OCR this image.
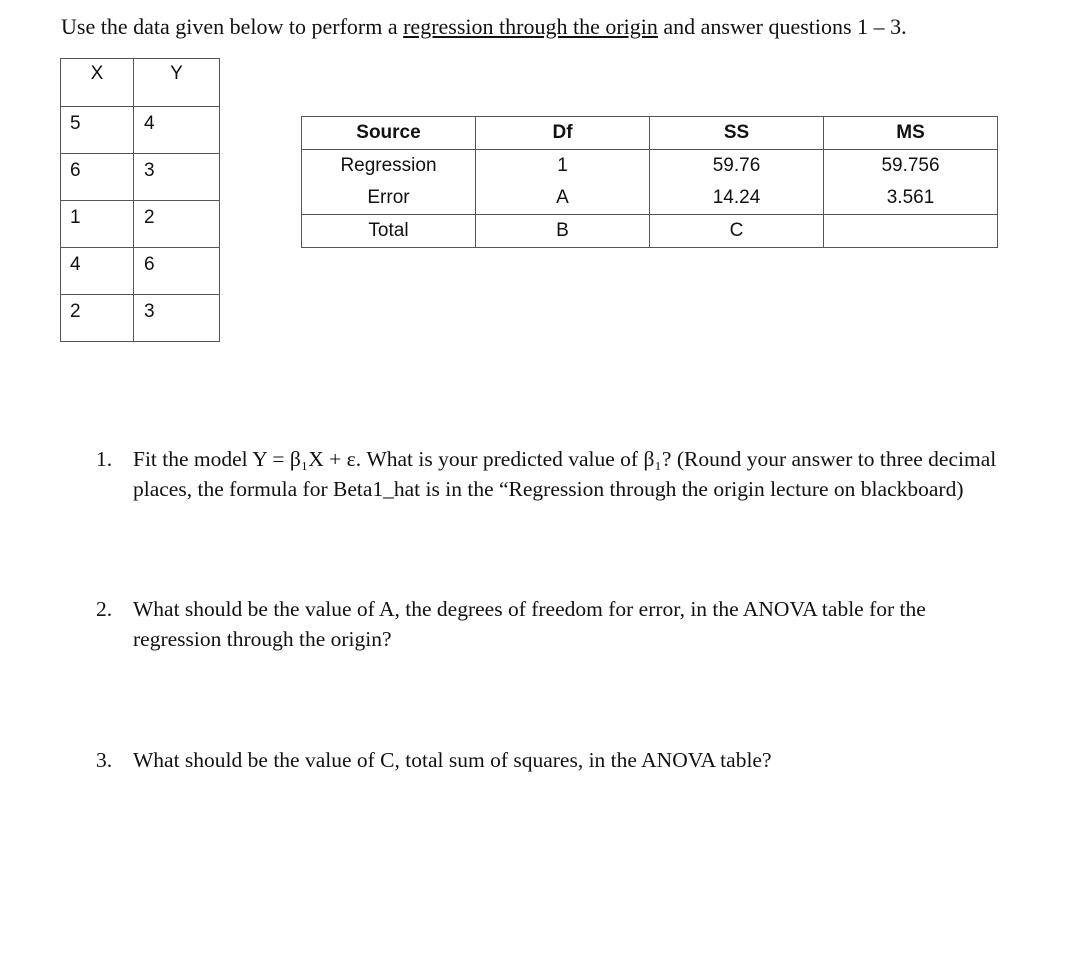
Use the data given below to perform a regression through the origin and answer questions 1 – 3.
X	Y
5	4
6	3
1	2
4	6
2	3
Source	Df	SS	MS
Regression	1	59.76	59.756
Error	A	14.24	3.561
Total	B	C	
1. Fit the model Y = β₁X + ε. What is your predicted value of β₁? (Round your answer to three decimal places, the formula for Beta1_hat is in the “Regression through the origin lecture on blackboard)
2. What should be the value of A, the degrees of freedom for error, in the ANOVA table for the regression through the origin?
3. What should be the value of C, total sum of squares, in the ANOVA table?
